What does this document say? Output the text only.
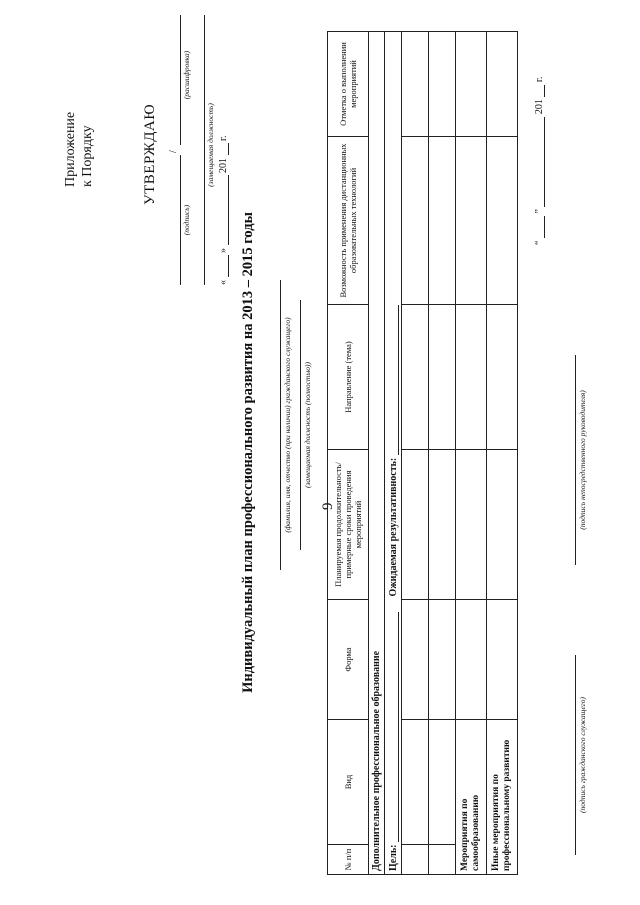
9
Приложение к Порядку	УТВЕРЖДАЮ /
(подпись)
(расшифровка)
(замещаемая должность)
«  »  201  г.
Индивидуальный план профессионального развития на 2013 – 2015 годы	(фамилия, имя, отчество (при наличии) гражданского служащего) (замещаемая должность (полностью))
№ п/п	Вид	Форма	Планируемая продолжительность/примерные сроки проведения мероприятий	Направление (тема)	Возможность применения дистанционных образовательных технологий	Отметка о выполнении мероприятий
Дополнительное профессиональное образование						
Цель:			Ожидаемая результативность:			

Мероприятия по самообразованию						
Иные мероприятия по профессиональному развитию							(подпись гражданского служащего)
(подпись непосредственного руководителя)
“  ”  201  г.
